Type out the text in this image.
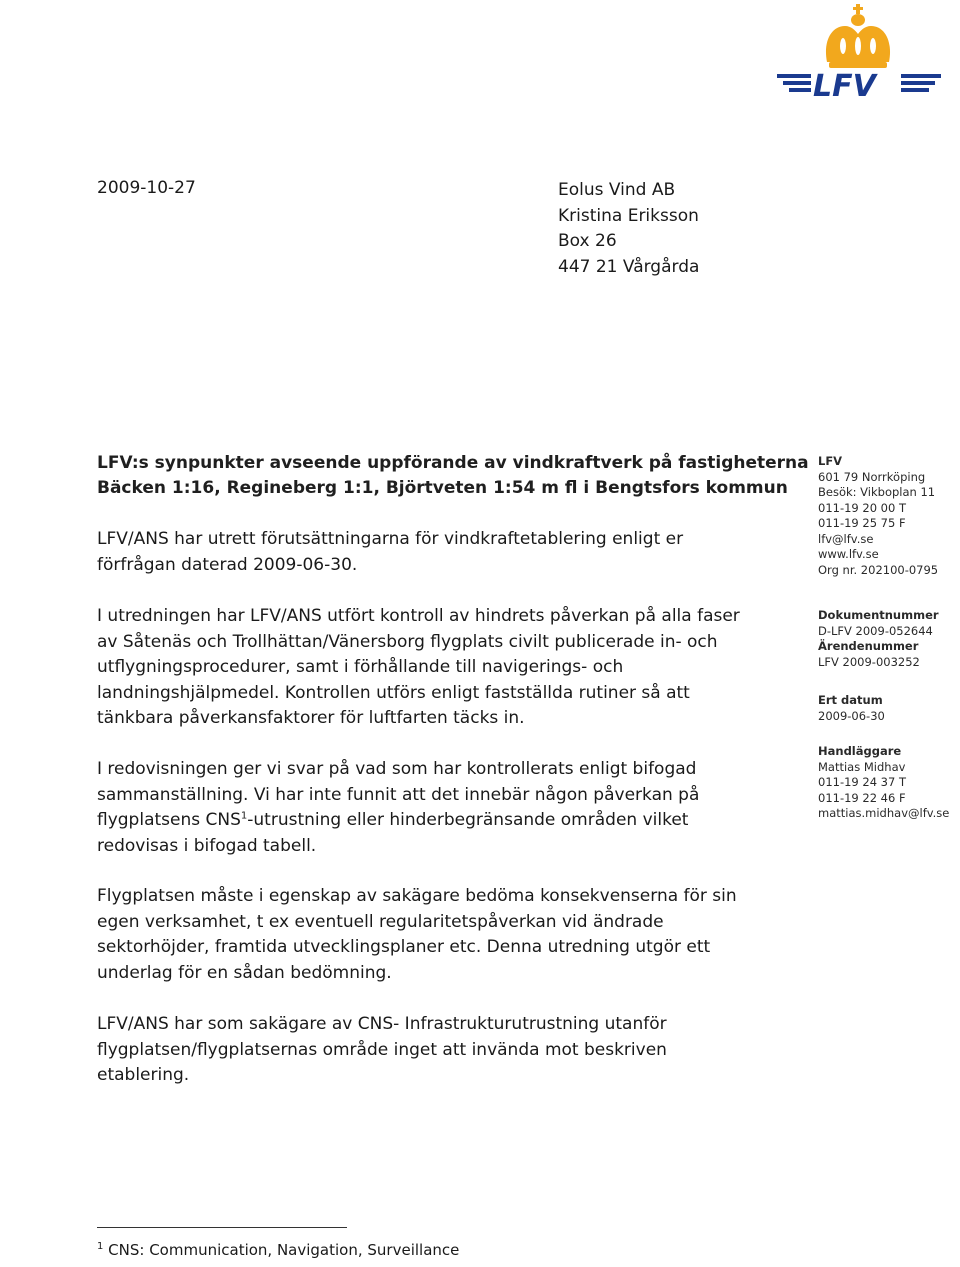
LFV
2009-10-27	Eolus Vind AB
Kristina Eriksson
Box 26
447 21 Vårgårda
LFV:s synpunkter avseende uppförande av vindkraftverk på fastigheterna
Bäcken 1:16, Regineberg 1:1, Björtveten 1:54 m fl i Bengtsfors kommun
LFV/ANS har utrett förutsättningarna för vindkraftetablering enligt er
förfrågan daterad 2009-06-30.
I utredningen har LFV/ANS utfört kontroll av hindrets påverkan på alla faser
av Såtenäs och Trollhättan/Vänersborg flygplats civilt publicerade in- och
utflygningsprocedurer, samt i förhållande till navigerings- och
landningshjälpmedel. Kontrollen utförs enligt fastställda rutiner så att
tänkbara påverkansfaktorer för luftfarten täcks in.
I redovisningen ger vi svar på vad som har kontrollerats enligt bifogad
sammanställning. Vi har inte funnit att det innebär någon påverkan på
flygplatsens CNS$^1$-utrustning eller hinderbegränsande områden vilket
redovisas i bifogad tabell.
Flygplatsen måste i egenskap av sakägare bedöma konsekvenserna för sin
egen verksamhet, t ex eventuell regularitetspåverkan vid ändrade
sektorhöjder, framtida utvecklingsplaner etc. Denna utredning utgör ett
underlag för en sådan bedömning.
LFV/ANS har som sakägare av CNS- Infrastrukturutrustning utanför
flygplatsen/flygplatsernas område inget att invända mot beskriven
etablering.
LFV
601 79 Norrköping
Besök: Vikboplan 11
011-19 20 00 T
011-19 25 75 F
lfv@lfv.se
www.lfv.se
Org nr. 202100-0795
Dokumentnummer
D-LFV 2009-052644
Ärendenummer
LFV 2009-003252
Ert datum
2009-06-30
Handläggare
Mattias Midhav
011-19 24 37 T
011-19 22 46 F
mattias.midhav@lfv.se
$^1$ CNS: Communication, Navigation, Surveillance
